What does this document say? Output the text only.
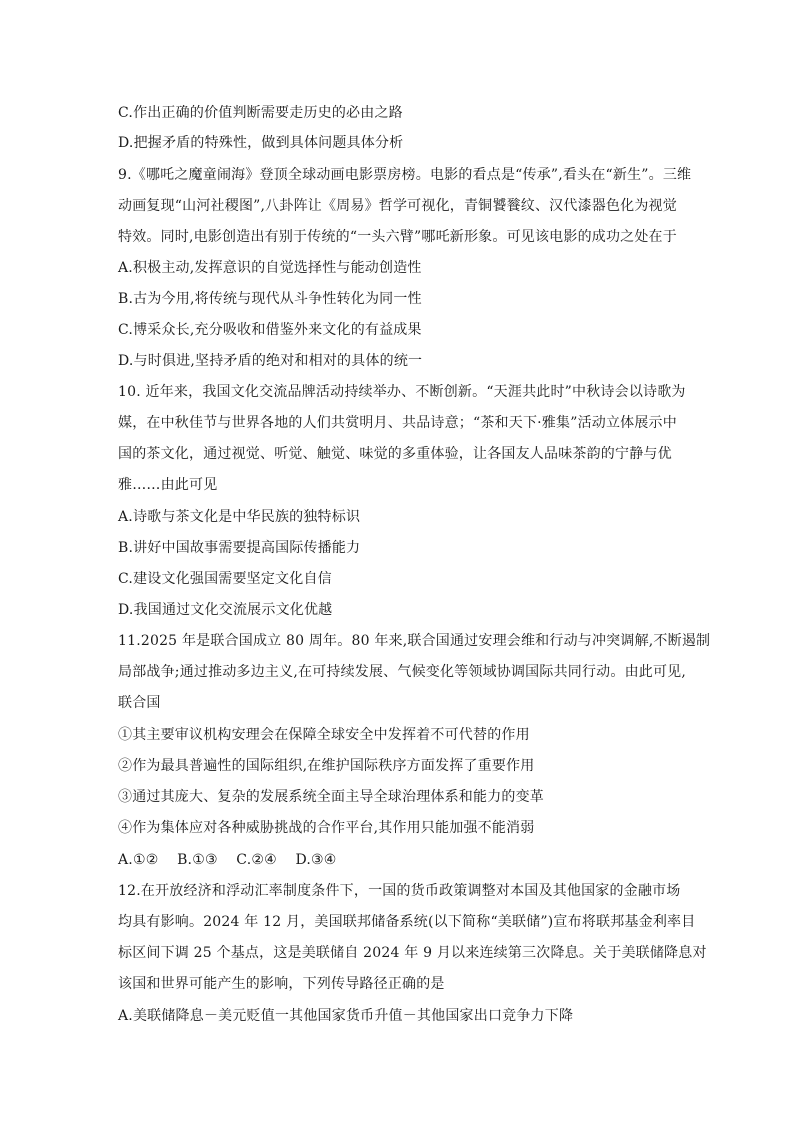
C.作出正确的价值判断需要走历史的必由之路
D.把握矛盾的特殊性，做到具体问题具体分析
9.《哪吒之魔童闹海》登顶全球动画电影票房榜。电影的看点是“传承”,看头在“新生”。三维
动画复现“山河社稷图”,八卦阵让《周易》哲学可视化，青铜饕餮纹、汉代漆器色化为视觉
特效。同时,电影创造出有别于传统的“一头六臂”哪吒新形象。可见该电影的成功之处在于
A.积极主动,发挥意识的自觉选择性与能动创造性
B.古为今用,将传统与现代从斗争性转化为同一性
C.博采众长,充分吸收和借鉴外来文化的有益成果
D.与时俱进,坚持矛盾的绝对和相对的具体的统一
10. 近年来，我国文化交流品牌活动持续举办、不断创新。“天涯共此时”中秋诗会以诗歌为
媒，在中秋佳节与世界各地的人们共赏明月、共品诗意；“茶和天下·雅集”活动立体展示中
国的茶文化，通过视觉、听觉、触觉、味觉的多重体验，让各国友人品味茶韵的宁静与优
雅……由此可见
A.诗歌与茶文化是中华民族的独特标识
B.讲好中国故事需要提高国际传播能力
C.建设文化强国需要坚定文化自信
D.我国通过文化交流展示文化优越
11.2025 年是联合国成立 80 周年。80 年来,联合国通过安理会维和行动与冲突调解,不断遏制
局部战争;通过推动多边主义,在可持续发展、气候变化等领域协调国际共同行动。由此可见,
联合国
①其主要审议机构安理会在保障全球安全中发挥着不可代替的作用
②作为最具普遍性的国际组织,在维护国际秩序方面发挥了重要作用
③通过其庞大、复杂的发展系统全面主导全球治理体系和能力的变革
④作为集体应对各种威胁挑战的合作平台,其作用只能加强不能消弱
A.①②    B.①③    C.②④    D.③④
12.在开放经济和浮动汇率制度条件下，一国的货币政策调整对本国及其他国家的金融市场
均具有影响。2024 年 12 月，美国联邦储备系统(以下简称“美联储”)宣布将联邦基金利率目
标区间下调 25 个基点，这是美联储自 2024 年 9 月以来连续第三次降息。关于美联储降息对
该国和世界可能产生的影响，下列传导路径正确的是
A.美联储降息－美元贬值一其他国家货币升值－其他国家出口竞争力下降
